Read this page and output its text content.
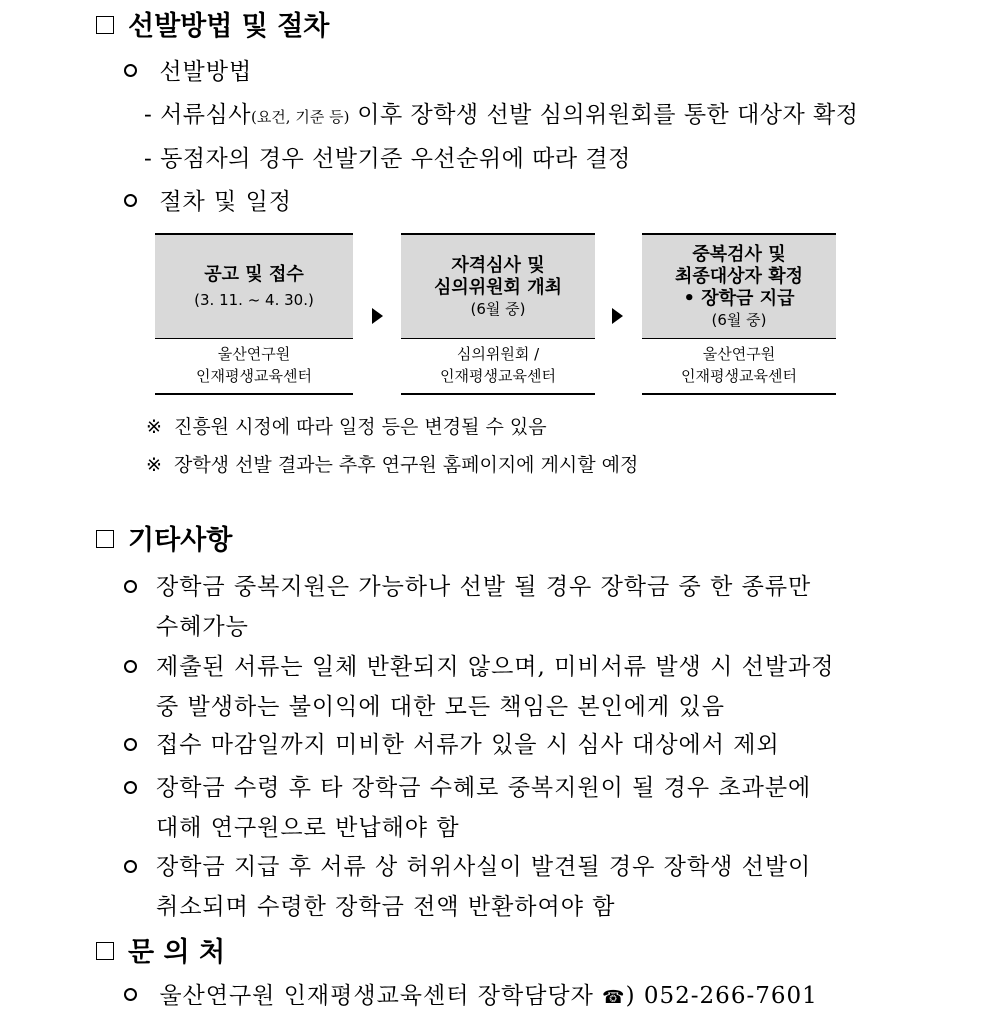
선발방법 및 절차
선발방법
- 서류심사(요건, 기준 등) 이후 장학생 선발 심의위원회를 통한 대상자 확정
- 동점자의 경우 선발기준 우선순위에 따라 결정
절차 및 일정
공고 및 접수
(3. 11. ~ 4. 30.)
울산연구원
인재평생교육센터
자격심사 및
심의위원회 개최
(6월 중)
심의위원회 /
인재평생교육센터
중복검사 및
최종대상자 확정
• 장학금 지급
(6월 중)
울산연구원
인재평생교육센터
※ 진흥원 시정에 따라 일정 등은 변경될 수 있음
※ 장학생 선발 결과는 추후 연구원 홈페이지에 게시할 예정
기타사항
장학금 중복지원은 가능하나 선발 될 경우 장학금 중 한 종류만
수혜가능
제출된 서류는 일체 반환되지 않으며, 미비서류 발생 시 선발과정
중 발생하는 불이익에 대한 모든 책임은 본인에게 있음
접수 마감일까지 미비한 서류가 있을 시 심사 대상에서 제외
장학금 수령 후 타 장학금 수혜로 중복지원이 될 경우 초과분에
대해 연구원으로 반납해야 함
장학금 지급 후 서류 상 허위사실이 발견될 경우 장학생 선발이
취소되며 수령한 장학금 전액 반환하여야 함
문 의 처
울산연구원 인재평생교육센터 장학담당자 ☎) 052-266-7601
